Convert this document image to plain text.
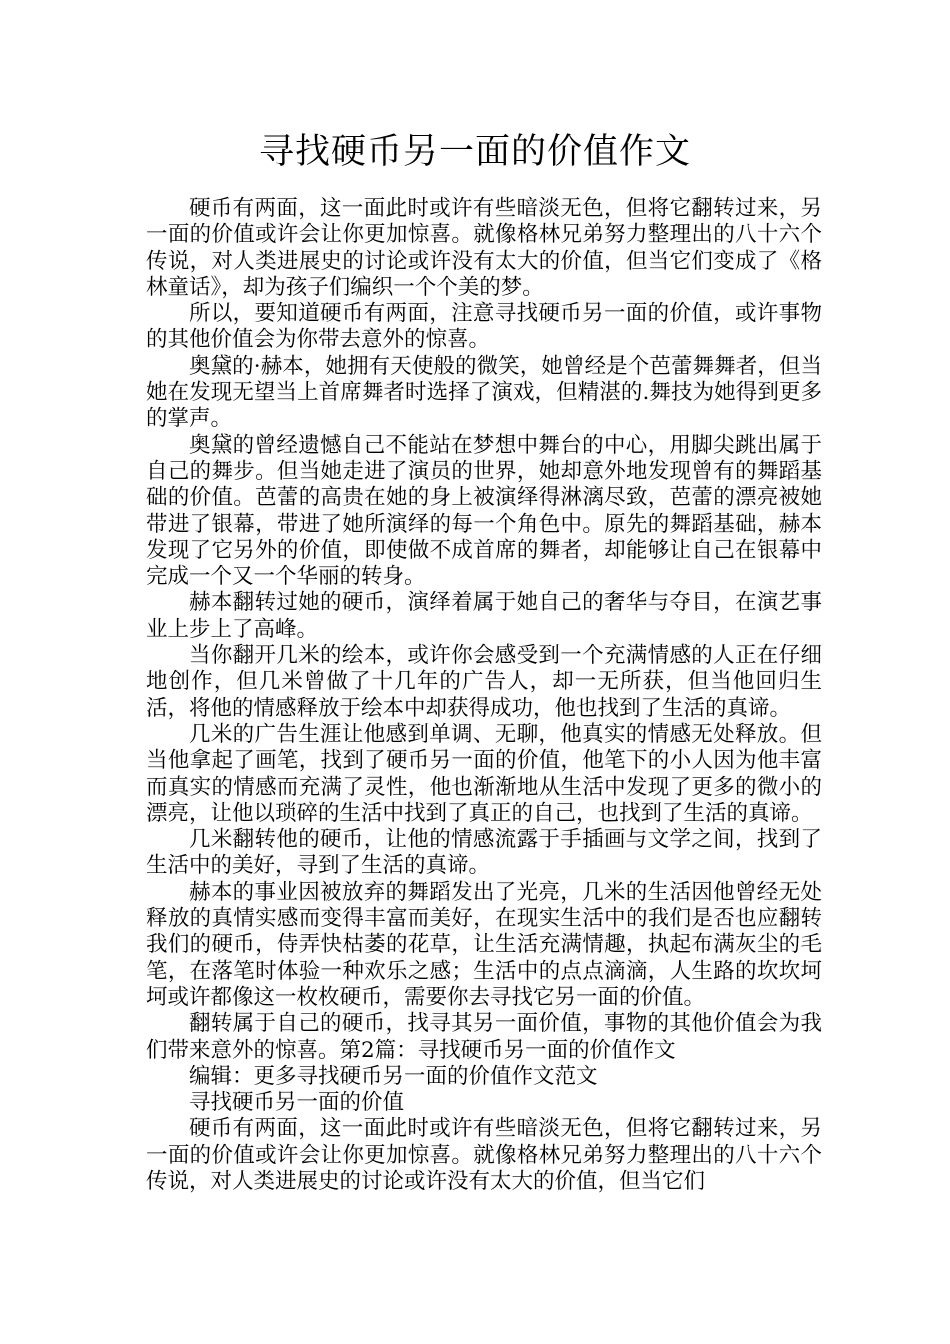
寻找硬币另一面的价值作文

硬币有两面，这一面此时或许有些暗淡无色，但将它翻转过来，另一面的价值或许会让你更加惊喜。就像格林兄弟努力整理出的八十六个传说，对人类进展史的讨论或许没有太大的价值，但当它们变成了《格林童话》，却为孩子们编织一个个美的梦。

所以，要知道硬币有两面，注意寻找硬币另一面的价值，或许事物的其他价值会为你带去意外的惊喜。

奥黛的·赫本，她拥有天使般的微笑，她曾经是个芭蕾舞舞者，但当她在发现无望当上首席舞者时选择了演戏，但精湛的.舞技为她得到更多的掌声。

奥黛的曾经遗憾自己不能站在梦想中舞台的中心，用脚尖跳出属于自己的舞步。但当她走进了演员的世界，她却意外地发现曾有的舞蹈基础的价值。芭蕾的高贵在她的身上被演绎得淋漓尽致，芭蕾的漂亮被她带进了银幕，带进了她所演绎的每一个角色中。原先的舞蹈基础，赫本发现了它另外的价值，即使做不成首席的舞者，却能够让自己在银幕中完成一个又一个华丽的转身。

赫本翻转过她的硬币，演绎着属于她自己的奢华与夺目，在演艺事业上步上了高峰。

当你翻开几米的绘本，或许你会感受到一个充满情感的人正在仔细地创作，但几米曾做了十几年的广告人，却一无所获，但当他回归生活，将他的情感释放于绘本中却获得成功，他也找到了生活的真谛。

几米的广告生涯让他感到单调、无聊，他真实的情感无处释放。但当他拿起了画笔，找到了硬币另一面的价值，他笔下的小人因为他丰富而真实的情感而充满了灵性，他也渐渐地从生活中发现了更多的微小的漂亮，让他以琐碎的生活中找到了真正的自己，也找到了生活的真谛。

几米翻转他的硬币，让他的情感流露于手插画与文学之间，找到了生活中的美好，寻到了生活的真谛。

赫本的事业因被放弃的舞蹈发出了光亮，几米的生活因他曾经无处释放的真情实感而变得丰富而美好，在现实生活中的我们是否也应翻转我们的硬币，侍弄快枯萎的花草，让生活充满情趣，执起布满灰尘的毛笔，在落笔时体验一种欢乐之感；生活中的点点滴滴，人生路的坎坎坷坷或许都像这一枚枚硬币，需要你去寻找它另一面的价值。

翻转属于自己的硬币，找寻其另一面价值，事物的其他价值会为我们带来意外的惊喜。第2篇：寻找硬币另一面的价值作文

编辑：更多寻找硬币另一面的价值作文范文

寻找硬币另一面的价值

硬币有两面，这一面此时或许有些暗淡无色，但将它翻转过来，另一面的价值或许会让你更加惊喜。就像格林兄弟努力整理出的八十六个传说，对人类进展史的讨论或许没有太大的价值，但当它们
